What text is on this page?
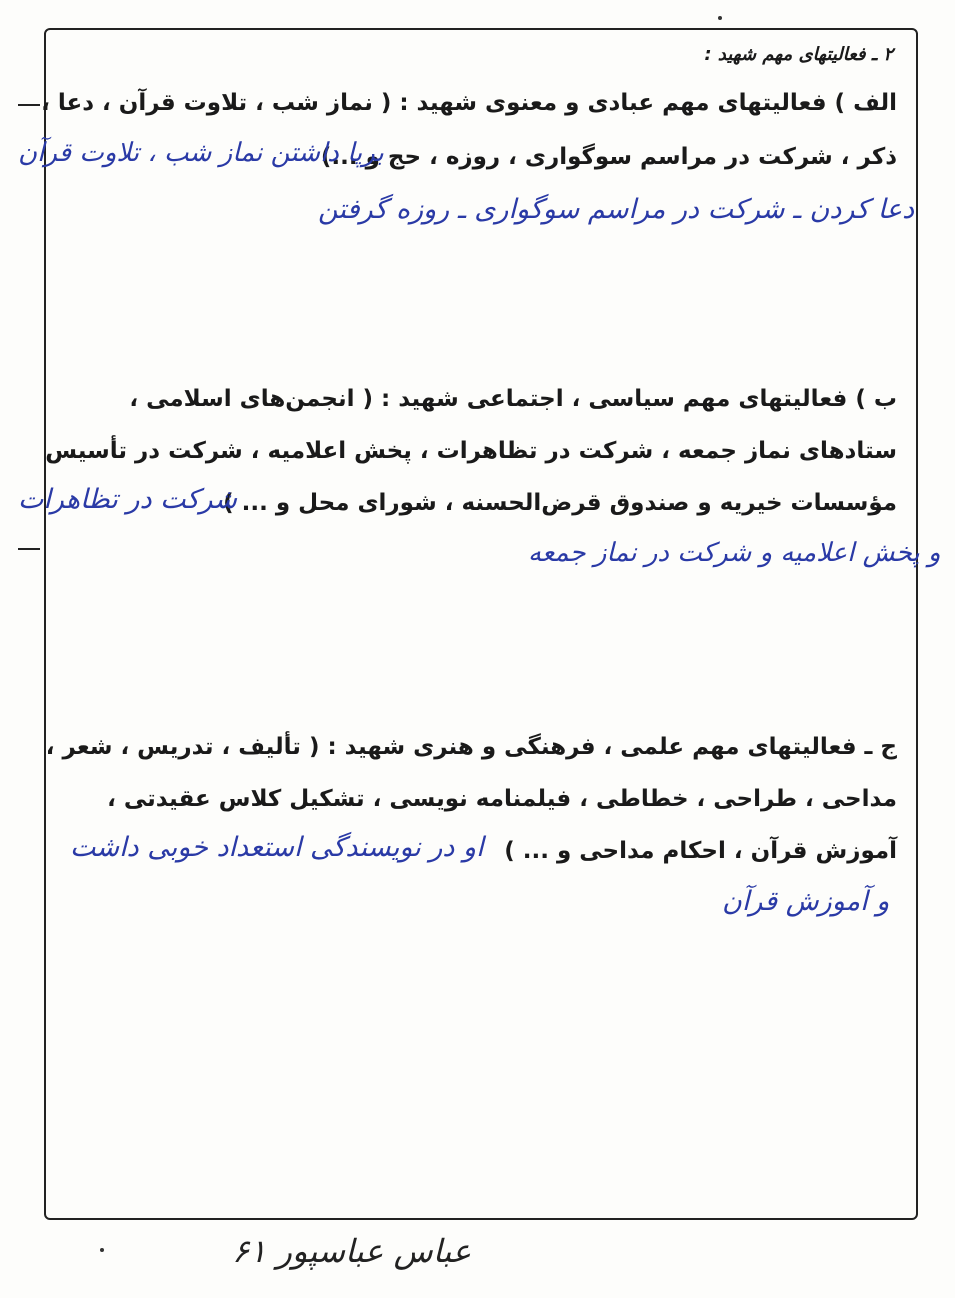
۲ ـ فعالیتهای مهم شهید :
الف ) فعالیتهای مهم عبادی و معنوی شهید : ( نماز شب ، تلاوت قرآن ، دعا ،
ذکر ، شرکت در مراسم سوگواری ، روزه ، حج و ...)
برپا داشتن نماز شب ، تلاوت قرآن
دعا کردن ـ شرکت در مراسم سوگواری ـ روزه گرفتن
ب ) فعالیتهای مهم سیاسی ، اجتماعی شهید : ( انجمن‌های اسلامی ،
ستادهای نماز جمعه ، شرکت در تظاهرات ، پخش اعلامیه ، شرکت در تأسیس
مؤسسات خیریه و صندوق قرض‌الحسنه ، شورای محل و ... )
شرکت در تظاهرات
و پخش اعلامیه و شرکت در نماز جمعه
ج ـ فعالیتهای مهم علمی ، فرهنگی و هنری شهید : ( تألیف ، تدریس ، شعر ،
مداحی ، طراحی ، خطاطی ، فیلمنامه نویسی ، تشکیل کلاس عقیدتی ،
آموزش قرآن ، احکام مداحی و ... )
او در نویسندگی استعداد خوبی داشت
و آموزش قرآن
عباس عباسپور ۶۱
